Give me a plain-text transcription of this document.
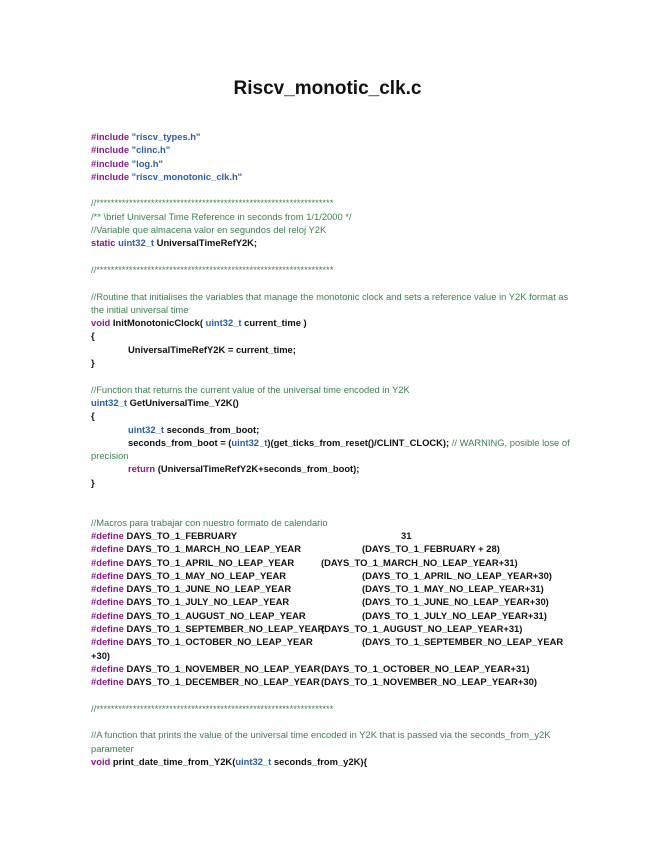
Riscv_monotic_clk.c
#include "riscv_types.h"
#include "clinc.h"
#include "log.h"
#include "riscv_monotonic_clk.h"
//*****************************************************************
/** \brief Universal Time Reference in seconds from 1/1/2000 */
//Variable que almacena valor en segundos del reloj Y2K
static uint32_t UniversalTimeRefY2K;
//*****************************************************************
//Routine that initialises the variables that manage the monotonic clock and sets a reference value in Y2K format as the initial universal time
void InitMonotonicClock( uint32_t current_time )
{
UniversalTimeRefY2K = current_time;
}
//Function that returns the current value of the universal time encoded in Y2K
uint32_t GetUniversalTime_Y2K()
{
uint32_t seconds_from_boot;
seconds_from_boot = (uint32_t)(get_ticks_from_reset()/CLINT_CLOCK); // WARNING, posible lose of precision
return (UniversalTimeRefY2K+seconds_from_boot);
}
//Macros para trabajar con nuestro formato de calendario
#define DAYS_TO_1_FEBRUARY	31
#define DAYS_TO_1_MARCH_NO_LEAP_YEAR	(DAYS_TO_1_FEBRUARY + 28)
#define DAYS_TO_1_APRIL_NO_LEAP_YEAR	(DAYS_TO_1_MARCH_NO_LEAP_YEAR+31)
#define DAYS_TO_1_MAY_NO_LEAP_YEAR	(DAYS_TO_1_APRIL_NO_LEAP_YEAR+30)
#define DAYS_TO_1_JUNE_NO_LEAP_YEAR	(DAYS_TO_1_MAY_NO_LEAP_YEAR+31)
#define DAYS_TO_1_JULY_NO_LEAP_YEAR	(DAYS_TO_1_JUNE_NO_LEAP_YEAR+30)
#define DAYS_TO_1_AUGUST_NO_LEAP_YEAR	(DAYS_TO_1_JULY_NO_LEAP_YEAR+31)
#define DAYS_TO_1_SEPTEMBER_NO_LEAP_YEAR
(DAYS_TO_1_AUGUST_NO_LEAP_YEAR+31)
#define DAYS_TO_1_OCTOBER_NO_LEAP_YEAR	(DAYS_TO_1_SEPTEMBER_NO_LEAP_YEAR
+30)
#define DAYS_TO_1_NOVEMBER_NO_LEAP_YEAR (DAYS_TO_1_OCTOBER_NO_LEAP_YEAR+31)
#define DAYS_TO_1_DECEMBER_NO_LEAP_YEAR (DAYS_TO_1_NOVEMBER_NO_LEAP_YEAR+30)
//*****************************************************************
//A function that prints the value of the universal time encoded in Y2K that is passed via the seconds_from_y2K parameter
void print_date_time_from_Y2K(uint32_t seconds_from_y2K){
